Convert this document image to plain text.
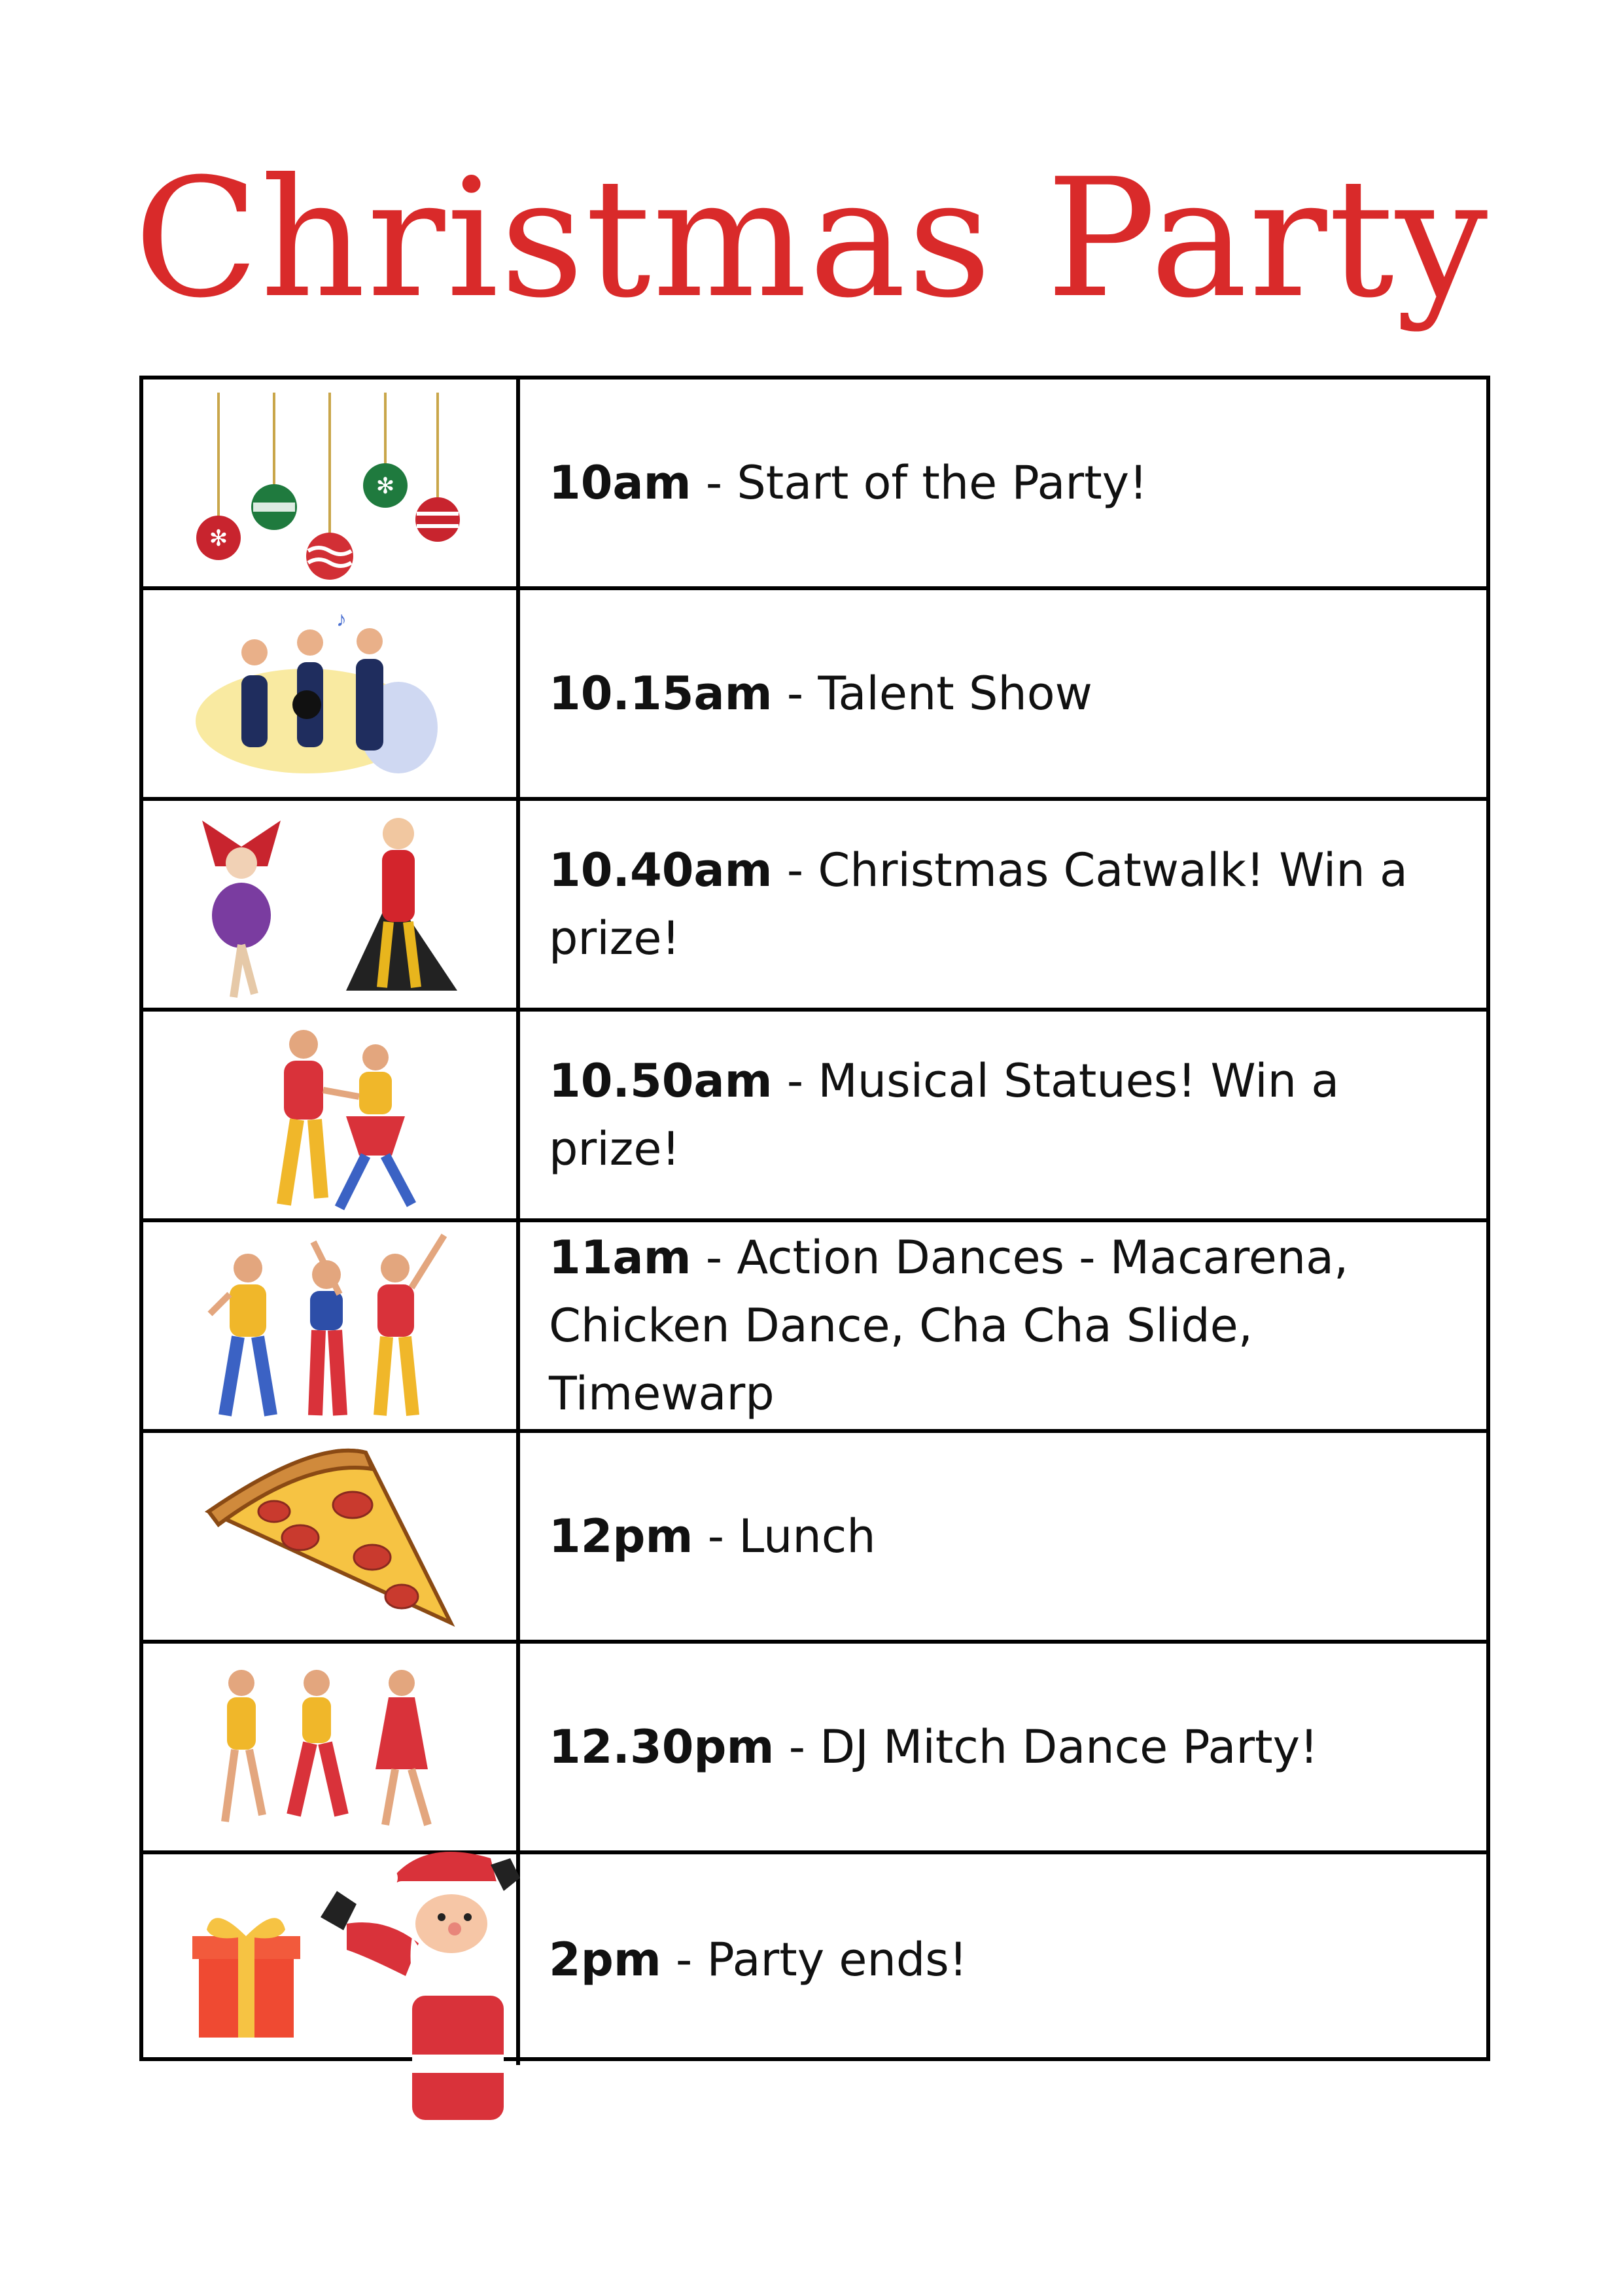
Christmas Party
✻
✻	10am - Start of the Party!
♪
10.15am - Talent Show
10.40am - Christmas Catwalk! Win a prize!
10.50am - Musical Statues! Win a prize!
11am - Action Dances - Macarena, Chicken Dance, Cha Cha Slide, Timewarp
12pm - Lunch
12.30pm - DJ Mitch Dance Party!
2pm - Party ends!
